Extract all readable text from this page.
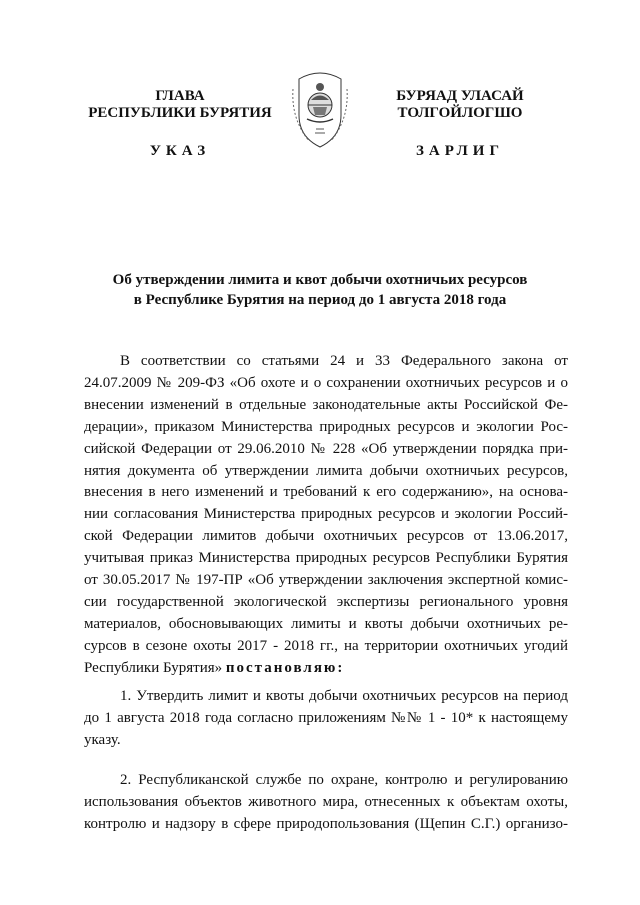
ГЛАВА
РЕСПУБЛИКИ БУРЯТИЯ
БУРЯАД УЛАСАЙ
ТОЛГОЙЛОГШО
УКАЗ	ЗАРЛИГ
Об утверждении лимита и квот добычи охотничьих ресурсов
в Республике Бурятия на период до 1 августа 2018 года
В соответствии со статьями 24 и 33 Федерального закона от
24.07.2009 № 209-ФЗ «Об охоте и о сохранении охотничьих ресурсов и о
внесении изменений в отдельные законодательные акты Российской Фе-
дерации», приказом Министерства природных ресурсов и экологии Рос-
сийской Федерации от 29.06.2010 № 228 «Об утверждении порядка при-
нятия документа об утверждении лимита добычи охотничьих ресурсов,
внесения в него изменений и требований к его содержанию», на основа-
нии согласования Министерства природных ресурсов и экологии Россий-
ской Федерации лимитов добычи охотничьих ресурсов от 13.06.2017,
учитывая приказ Министерства природных ресурсов Республики Бурятия
от 30.05.2017 № 197-ПР «Об утверждении заключения экспертной комис-
сии государственной экологической экспертизы регионального уровня
материалов, обосновывающих лимиты и квоты добычи охотничьих ре-
сурсов в сезоне охоты 2017 - 2018 гг., на территории охотничьих угодий
Республики Бурятия» постановляю:
1. Утвердить лимит и квоты добычи охотничьих ресурсов на период
до 1 августа 2018 года согласно приложениям №№ 1 - 10* к настоящему
указу.
2. Республиканской службе по охране, контролю и регулированию
использования объектов животного мира, отнесенных к объектам охоты,
контролю и надзору в сфере природопользования (Щепин С.Г.) организо-
